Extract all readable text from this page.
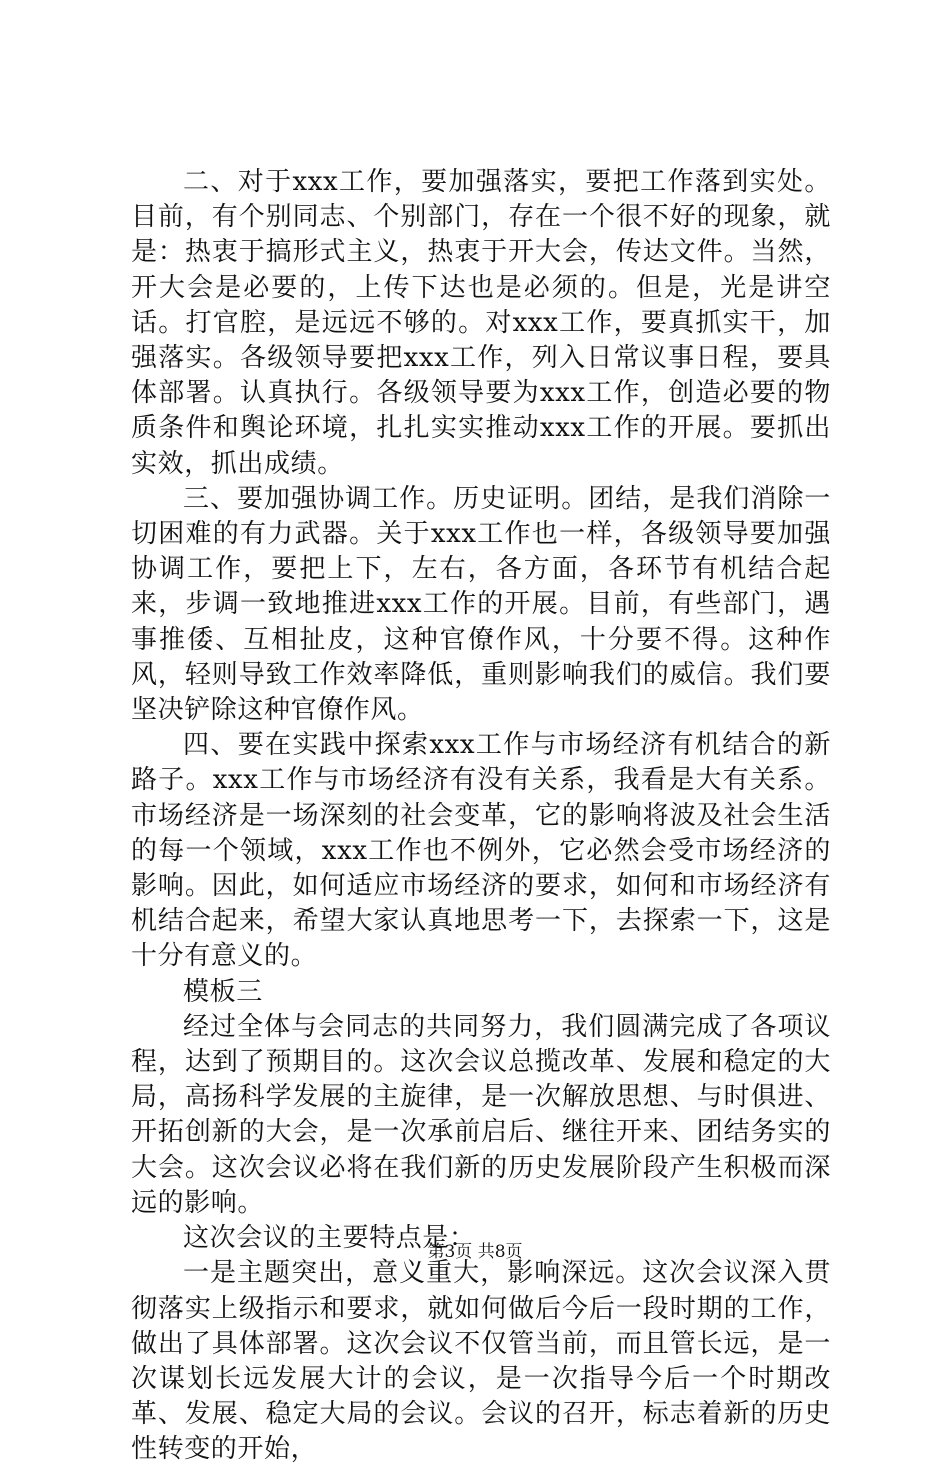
二、对于xxx工作，要加强落实，要把工作落到实处。目前，有个别同志、个别部门，存在一个很不好的现象，就是：热衷于搞形式主义，热衷于开大会，传达文件。当然，开大会是必要的，上传下达也是必须的。但是，光是讲空话。打官腔，是远远不够的。对xxx工作，要真抓实干，加强落实。各级领导要把xxx工作，列入日常议事日程，要具体部署。认真执行。各级领导要为xxx工作，创造必要的物质条件和舆论环境，扎扎实实推动xxx工作的开展。要抓出实效，抓出成绩。

三、要加强协调工作。历史证明。团结，是我们消除一切困难的有力武器。关于xxx工作也一样，各级领导要加强协调工作，要把上下，左右，各方面，各环节有机结合起来，步调一致地推进xxx工作的开展。目前，有些部门，遇事推倭、互相扯皮，这种官僚作风，十分要不得。这种作风，轻则导致工作效率降低，重则影响我们的威信。我们要坚决铲除这种官僚作风。

四、要在实践中探索xxx工作与市场经济有机结合的新路子。xxx工作与市场经济有没有关系，我看是大有关系。市场经济是一场深刻的社会变革，它的影响将波及社会生活的每一个领域，xxx工作也不例外，它必然会受市场经济的影响。因此，如何适应市场经济的要求，如何和市场经济有机结合起来，希望大家认真地思考一下，去探索一下，这是十分有意义的。

模板三

经过全体与会同志的共同努力，我们圆满完成了各项议程，达到了预期目的。这次会议总揽改革、发展和稳定的大局，高扬科学发展的主旋律，是一次解放思想、与时俱进、开拓创新的大会，是一次承前启后、继往开来、团结务实的大会。这次会议必将在我们新的历史发展阶段产生积极而深远的影响。

这次会议的主要特点是：

一是主题突出，意义重大，影响深远。这次会议深入贯彻落实上级指示和要求，就如何做后今后一段时期的工作，做出了具体部署。这次会议不仅管当前，而且管长远，是一次谋划长远发展大计的会议，是一次指导今后一个时期改革、发展、稳定大局的会议。会议的召开，标志着新的历史性转变的开始，

第3页 共8页
